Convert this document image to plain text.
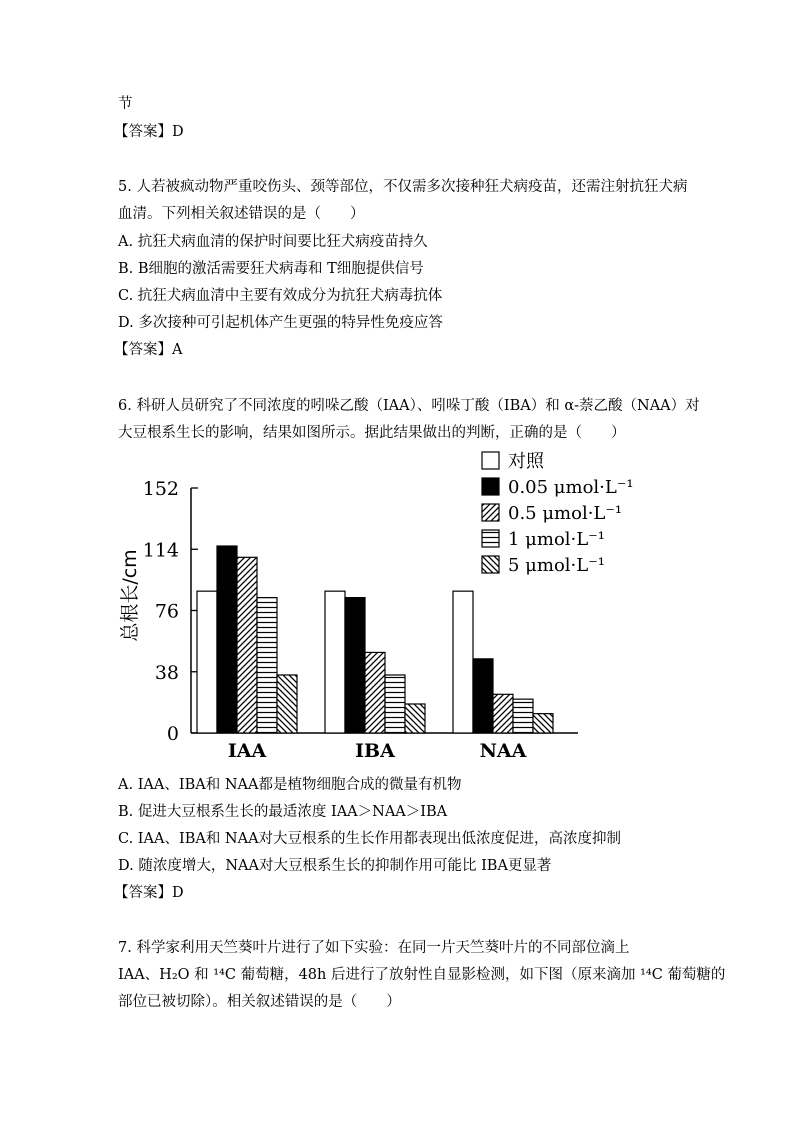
节
【答案】D
5. 人若被疯动物严重咬伤头、颈等部位，不仅需多次接种狂犬病疫苗，还需注射抗狂犬病
血清。下列相关叙述错误的是（　　）
A. 抗狂犬病血清的保护时间要比狂犬病疫苗持久
B. B细胞的激活需要狂犬病毒和 T细胞提供信号
C. 抗狂犬病血清中主要有效成分为抗狂犬病毒抗体
D. 多次接种可引起机体产生更强的特异性免疫应答
【答案】A
6. 科研人员研究了不同浓度的吲哚乙酸（IAA）、吲哚丁酸（IBA）和 α-萘乙酸（NAA）对
大豆根系生长的影响，结果如图所示。据此结果做出的判断，正确的是（　　）
0
38
76
114
152
总根长/cm
IAA	IBA	NAA
对照
0.05 μmol·L⁻¹
0.5 μmol·L⁻¹
1 μmol·L⁻¹
5 μmol·L⁻¹
A. IAA、IBA和 NAA都是植物细胞合成的微量有机物
B. 促进大豆根系生长的最适浓度 IAA＞NAA＞IBA
C. IAA、IBA和 NAA对大豆根系的生长作用都表现出低浓度促进，高浓度抑制
D. 随浓度增大，NAA对大豆根系生长的抑制作用可能比 IBA更显著
【答案】D
7. 科学家利用天竺葵叶片进行了如下实验：在同一片天竺葵叶片的不同部位滴上
IAA、H₂O 和 ¹⁴C 葡萄糖，48h 后进行了放射性自显影检测，如下图（原来滴加 ¹⁴C 葡萄糖的
部位已被切除）。相关叙述错误的是（　　）
